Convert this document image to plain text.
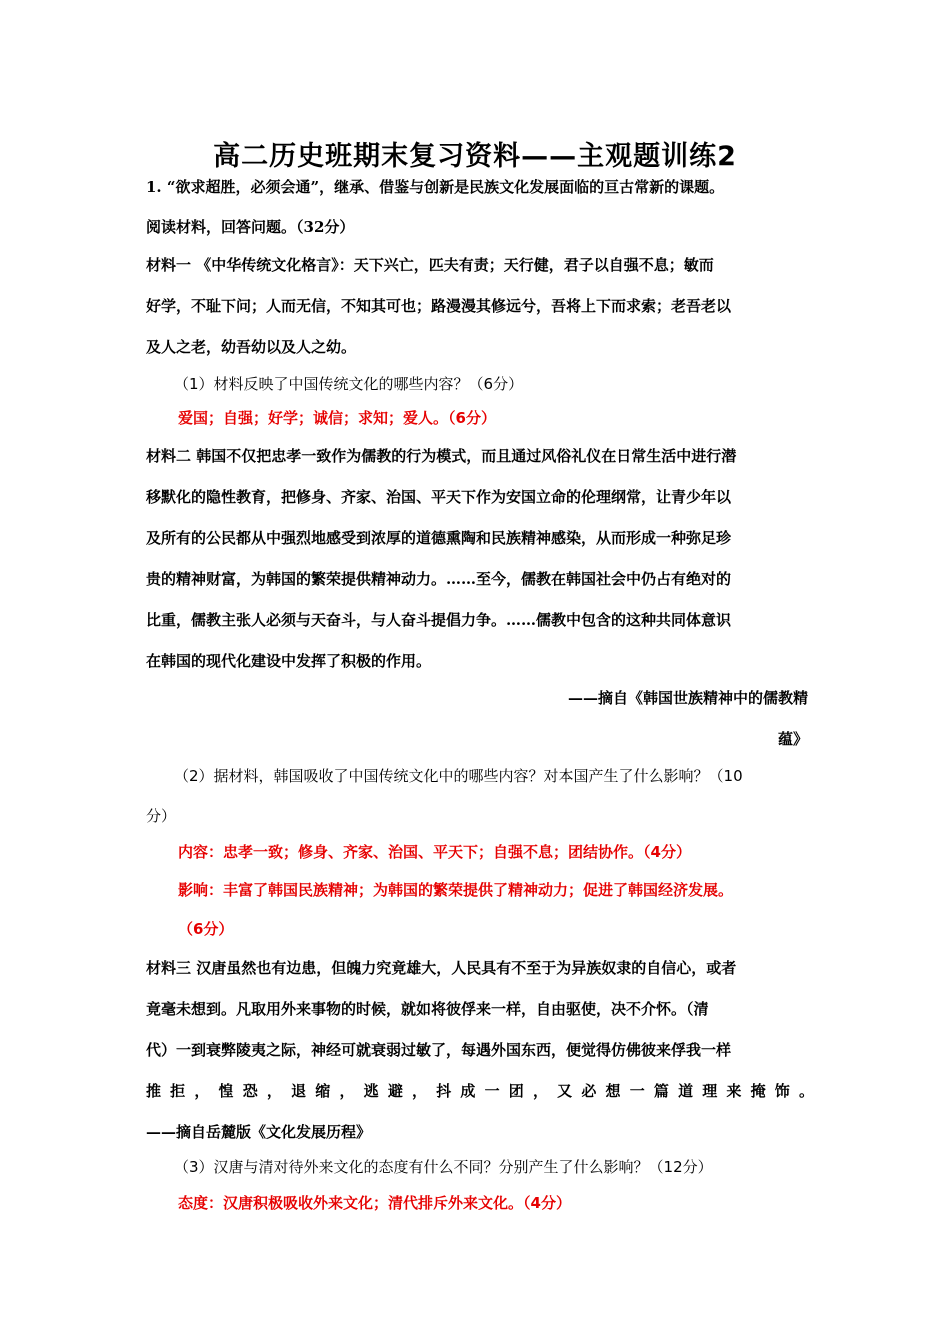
高二历史班期末复习资料——主观题训练2
1. “欲求超胜，必须会通”，继承、借鉴与创新是民族文化发展面临的亘古常新的课题。
阅读材料，回答问题。（32分）
材料一 《中华传统文化格言》：天下兴亡，匹夫有责；天行健，君子以自强不息；敏而
好学，不耻下问；人而无信，不知其可也；路漫漫其修远兮，吾将上下而求索；老吾老以
及人之老，幼吾幼以及人之幼。
（1）材料反映了中国传统文化的哪些内容？（6分）
爱国；自强；好学；诚信；求知；爱人。（6分）
材料二 韩国不仅把忠孝一致作为儒教的行为模式，而且通过风俗礼仪在日常生活中进行潜
移默化的隐性教育，把修身、齐家、治国、平天下作为安国立命的伦理纲常，让青少年以
及所有的公民都从中强烈地感受到浓厚的道德熏陶和民族精神感染，从而形成一种弥足珍
贵的精神财富，为韩国的繁荣提供精神动力。……至今，儒教在韩国社会中仍占有绝对的
比重，儒教主张人必须与天奋斗，与人奋斗提倡力争。……儒教中包含的这种共同体意识
在韩国的现代化建设中发挥了积极的作用。
——摘自《韩国世族精神中的儒教精
蕴》
（2）据材料，韩国吸收了中国传统文化中的哪些内容？对本国产生了什么影响？（10
分）
内容：忠孝一致；修身、齐家、治国、平天下；自强不息；团结协作。（4分）
影响：丰富了韩国民族精神；为韩国的繁荣提供了精神动力；促进了韩国经济发展。
（6分）
材料三 汉唐虽然也有边患，但魄力究竟雄大，人民具有不至于为异族奴隶的自信心，或者
竟毫未想到。凡取用外来事物的时候，就如将彼俘来一样，自由驱使，决不介怀。（清
代）一到衰弊陵夷之际，神经可就衰弱过敏了，每遇外国东西，便觉得仿佛彼来俘我一样
推拒，惶恐，退缩，逃避，抖成一团，又必想一篇道理来掩饰。
——摘自岳麓版《文化发展历程》
（3）汉唐与清对待外来文化的态度有什么不同？分别产生了什么影响？（12分）
态度：汉唐积极吸收外来文化；清代排斥外来文化。（4分）
